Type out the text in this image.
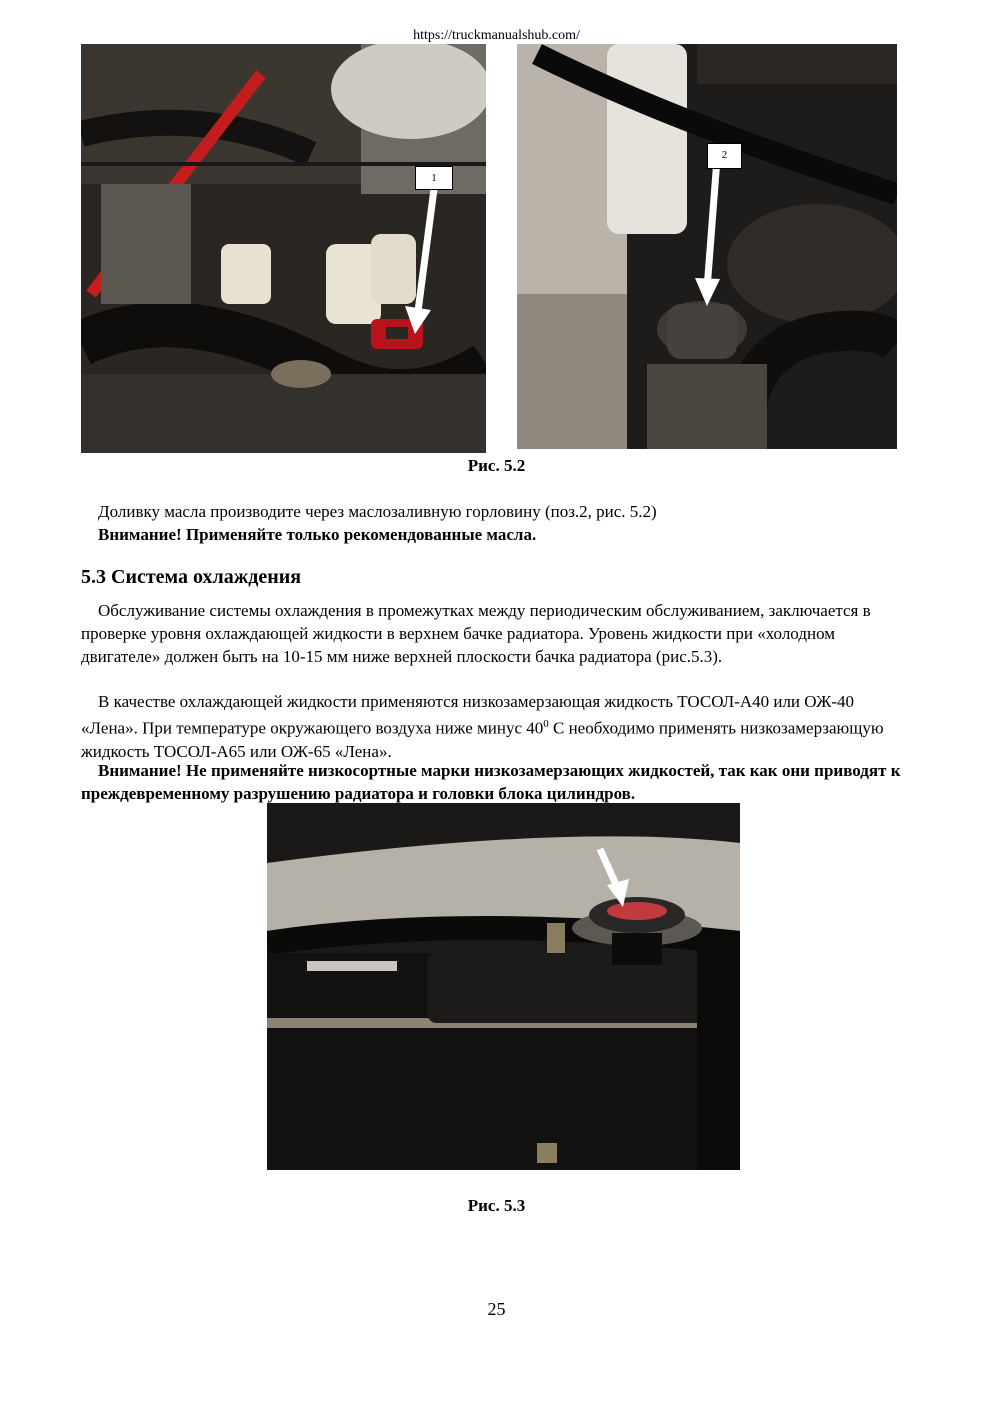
https://truckmanualshub.com/
1
2
Рис. 5.2
Доливку масла производите через маслозаливную горловину (поз.2, рис. 5.2)
Внимание! Применяйте только рекомендованные масла.
5.3 Система охлаждения
Обслуживание системы охлаждения в промежутках между периодическим обслуживанием, заключается в проверке уровня охлаждающей жидкости в верхнем бачке радиатора. Уровень жидкости при «холодном двигателе» должен быть на 10-15 мм ниже верхней плоскости бачка радиатора (рис.5.3).
В качестве охлаждающей жидкости применяются низкозамерзающая жидкость ТОСОЛ-А40 или ОЖ-40 «Лена». При температуре окружающего воздуха ниже минус $40^0$ С необходимо применять низкозамерзающую жидкость ТОСОЛ-А65 или ОЖ-65 «Лена».
Внимание! Не применяйте низкосортные марки низкозамерзающих жидкостей, так как они приводят к преждевременному разрушению радиатора и головки блока цилиндров.
Рис. 5.3
25
